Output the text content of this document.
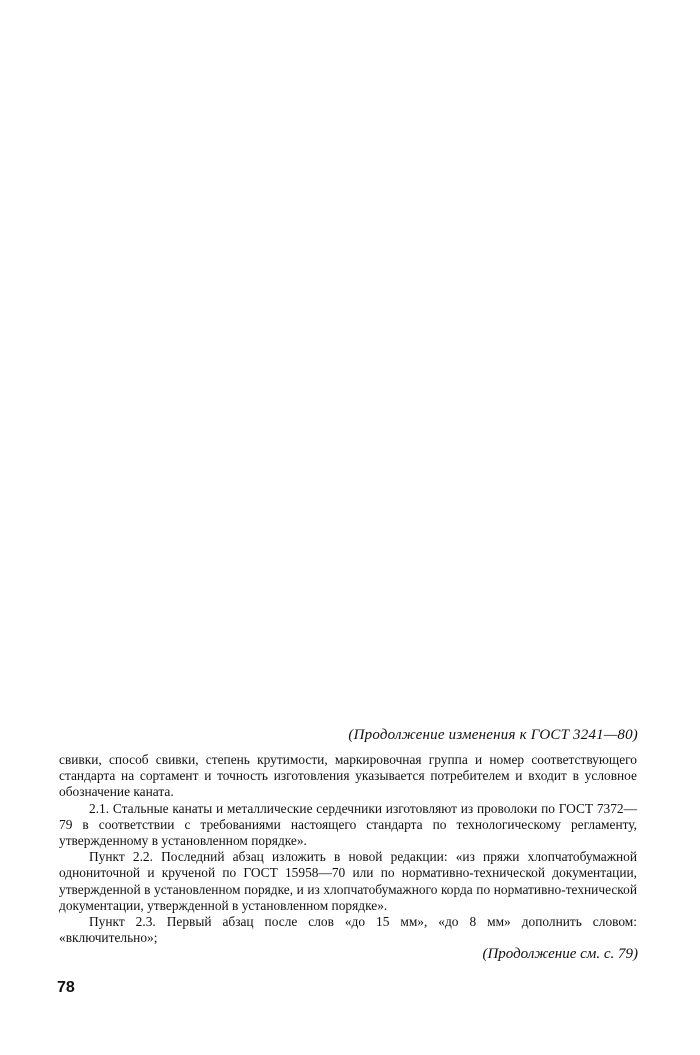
(Продолжение изменения к ГОСТ 3241—80)

свивки, способ свивки, степень крутимости, маркировочная группа и номер соответствующего стандарта на сортамент и точность изготовления указывается потребителем и входит в условное обозначение каната.

2.1. Стальные канаты и металлические сердечники изготовляют из проволоки по ГОСТ 7372—79 в соответствии с требованиями настоящего стандарта по технологическому регламенту, утвержденному в установленном порядке».

Пункт 2.2. Последний абзац изложить в новой редакции: «из пряжи хлопчатобумажной однониточной и крученой по ГОСТ 15958—70 или по нормативно-технической документации, утвержденной в установленном порядке, и из хлопчатобумажного корда по нормативно-технической документации, утвержденной в установленном порядке».

Пункт 2.3. Первый абзац после слов «до 15 мм», «до 8 мм» дополнить словом: «включительно»;

(Продолжение см. с. 79)
78
